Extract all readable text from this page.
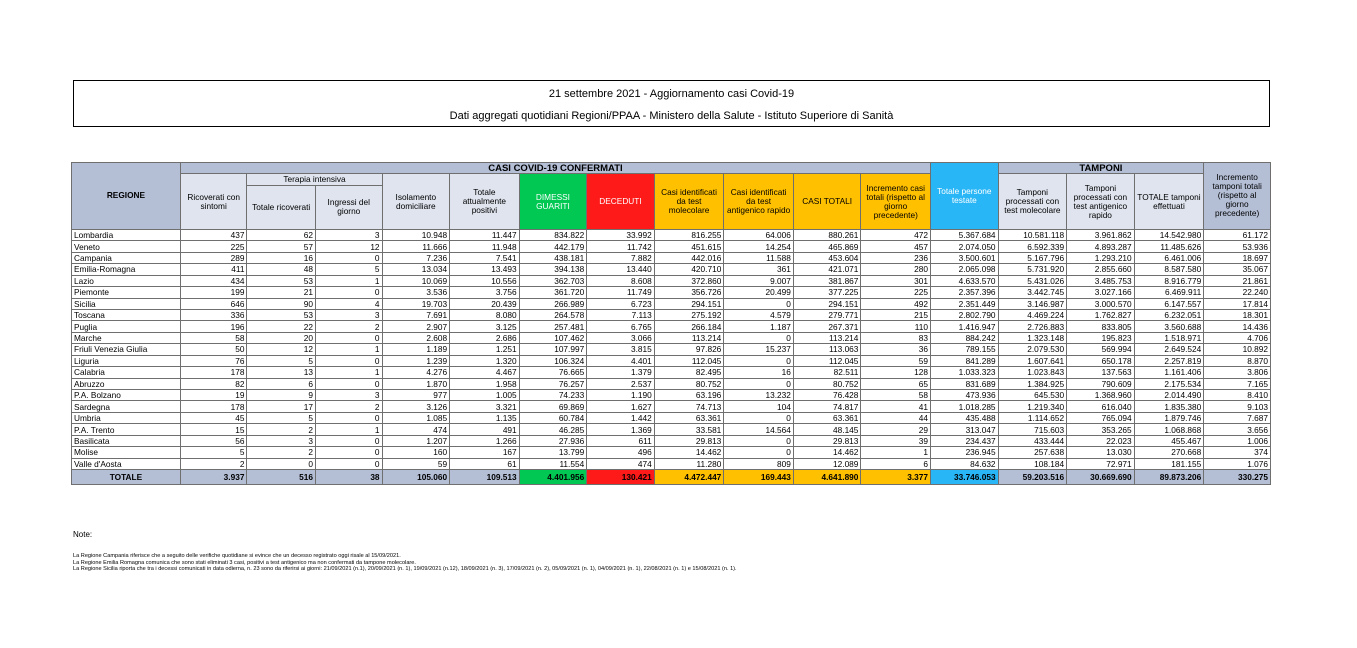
21 settembre 2021 - Aggiornamento casi Covid-19
Dati aggregati quotidiani Regioni/PPAA - Ministero della Salute - Istituto Superiore di Sanità
REGIONE	CASI COVID-19 CONFERMATI											Totale persone testate	TAMPONI			Incremento tamponi totali (rispetto al giorno precedente)
	Ricoverati con sintomi	Terapia intensiva		Isolamento domiciliare	Totale attualmente positivi	DIMESSI GUARITI	DECEDUTI	Casi identificati da test molecolare	Casi identificati da test antigenico rapido	CASI TOTALI	Incremento casi totali (rispetto al giorno precedente)		Tamponi processati con test molecolare	Tamponi processati con test antigenico rapido	TOTALE tamponi effettuati	
		Totale ricoverati	Ingressi del giorno													
Lombardia	437	62	3	10.948	11.447	834.822	33.992	816.255	64.006	880.261	472	5.367.684	10.581.118	3.961.862	14.542.980	61.172
Veneto	225	57	12	11.666	11.948	442.179	11.742	451.615	14.254	465.869	457	2.074.050	6.592.339	4.893.287	11.485.626	53.936
Campania	289	16	0	7.236	7.541	438.181	7.882	442.016	11.588	453.604	236	3.500.601	5.167.796	1.293.210	6.461.006	18.697
Emilia-Romagna	411	48	5	13.034	13.493	394.138	13.440	420.710	361	421.071	280	2.065.098	5.731.920	2.855.660	8.587.580	35.067
Lazio	434	53	1	10.069	10.556	362.703	8.608	372.860	9.007	381.867	301	4.633.570	5.431.026	3.485.753	8.916.779	21.861
Piemonte	199	21	0	3.536	3.756	361.720	11.749	356.726	20.499	377.225	225	2.357.396	3.442.745	3.027.166	6.469.911	22.240
Sicilia	646	90	4	19.703	20.439	266.989	6.723	294.151	0	294.151	492	2.351.449	3.146.987	3.000.570	6.147.557	17.814
Toscana	336	53	3	7.691	8.080	264.578	7.113	275.192	4.579	279.771	215	2.802.790	4.469.224	1.762.827	6.232.051	18.301
Puglia	196	22	2	2.907	3.125	257.481	6.765	266.184	1.187	267.371	110	1.416.947	2.726.883	833.805	3.560.688	14.436
Marche	58	20	0	2.608	2.686	107.462	3.066	113.214	0	113.214	83	884.242	1.323.148	195.823	1.518.971	4.706
Friuli Venezia Giulia	50	12	1	1.189	1.251	107.997	3.815	97.826	15.237	113.063	36	789.155	2.079.530	569.994	2.649.524	10.892
Liguria	76	5	0	1.239	1.320	106.324	4.401	112.045	0	112.045	59	841.289	1.607.641	650.178	2.257.819	8.870
Calabria	178	13	1	4.276	4.467	76.665	1.379	82.495	16	82.511	128	1.033.323	1.023.843	137.563	1.161.406	3.806
Abruzzo	82	6	0	1.870	1.958	76.257	2.537	80.752	0	80.752	65	831.689	1.384.925	790.609	2.175.534	7.165
P.A. Bolzano	19	9	3	977	1.005	74.233	1.190	63.196	13.232	76.428	58	473.936	645.530	1.368.960	2.014.490	8.410
Sardegna	178	17	2	3.126	3.321	69.869	1.627	74.713	104	74.817	41	1.018.285	1.219.340	616.040	1.835.380	9.103
Umbria	45	5	0	1.085	1.135	60.784	1.442	63.361	0	63.361	44	435.488	1.114.652	765.094	1.879.746	7.687
P.A. Trento	15	2	1	474	491	46.285	1.369	33.581	14.564	48.145	29	313.047	715.603	353.265	1.068.868	3.656
Basilicata	56	3	0	1.207	1.266	27.936	611	29.813	0	29.813	39	234.437	433.444	22.023	455.467	1.006
Molise	5	2	0	160	167	13.799	496	14.462	0	14.462	1	236.945	257.638	13.030	270.668	374
Valle d'Aosta	2	0	0	59	61	11.554	474	11.280	809	12.089	6	84.632	108.184	72.971	181.155	1.076
TOTALE	3.937	516	38	105.060	109.513	4.401.956	130.421	4.472.447	169.443	4.641.890	3.377	33.746.053	59.203.516	30.669.690	89.873.206	330.275
Note:
La Regione Campania riferisce che a seguito delle verifiche quotidiane si evince che un decesso registrato oggi risale al 15/09/2021.
La Regione Emilia Romagna comunica che sono stati eliminati 3 casi, positivi a test antigenico ma non confermati da tampone molecolare.
La Regione Sicilia riporta che tra i decessi comunicati in data odierna, n. 23 sono da riferirsi ai giorni: 21/09/2021 (n.1), 20/09/2021 (n. 1), 19/09/2021 (n.12), 18/09/2021 (n. 3), 17/09/2021 (n. 2), 05/09/2021 (n. 1), 04/09/2021 (n. 1), 22/08/2021 (n. 1) e 15/08/2021 (n. 1).
